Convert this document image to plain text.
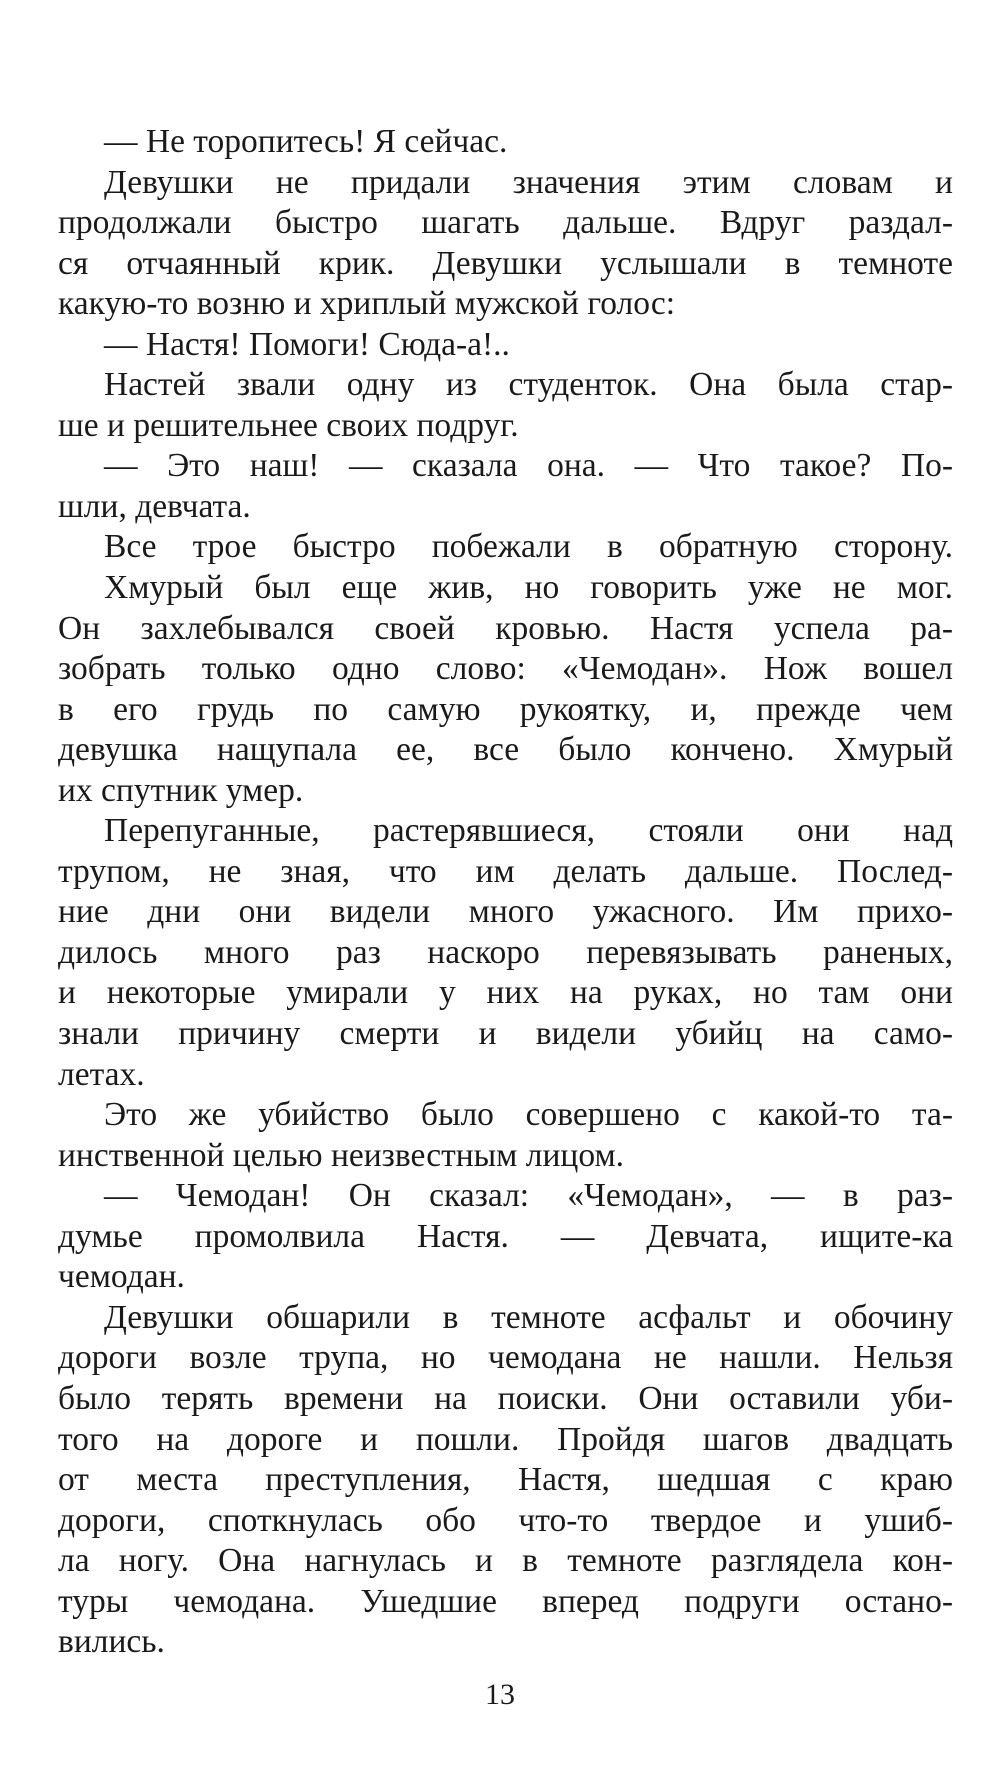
— Не торопитесь! Я сейчас.
Девушки не придали значения этим словам и
продолжали быстро шагать дальше. Вдруг раздал-
ся отчаянный крик. Девушки услышали в темноте
какую-то возню и хриплый мужской голос:
— Настя! Помоги! Сюда-а!..
Настей звали одну из студенток. Она была стар-
ше и решительнее своих подруг.
— Это наш! — сказала она. — Что такое? По-
шли, девчата.
Все трое быстро побежали в обратную сторону.
Хмурый был еще жив, но говорить уже не мог.
Он захлебывался своей кровью. Настя успела ра-
зобрать только одно слово: «Чемодан». Нож вошел
в его грудь по самую рукоятку, и, прежде чем
девушка нащупала ее, все было кончено. Хмурый
их спутник умер.
Перепуганные, растерявшиеся, стояли они над
трупом, не зная, что им делать дальше. Послед-
ние дни они видели много ужасного. Им прихо-
дилось много раз наскоро перевязывать раненых,
и некоторые умирали у них на руках, но там они
знали причину смерти и видели убийц на само-
летах.
Это же убийство было совершено с какой-то та-
инственной целью неизвестным лицом.
— Чемодан! Он сказал: «Чемодан», — в раз-
думье промолвила Настя. — Девчата, ищите-ка
чемодан.
Девушки обшарили в темноте асфальт и обочину
дороги возле трупа, но чемодана не нашли. Нельзя
было терять времени на поиски. Они оставили уби-
того на дороге и пошли. Пройдя шагов двадцать
от места преступления, Настя, шедшая с краю
дороги, споткнулась обо что-то твердое и ушиб-
ла ногу. Она нагнулась и в темноте разглядела кон-
туры чемодана. Ушедшие вперед подруги остано-
вились.
13
